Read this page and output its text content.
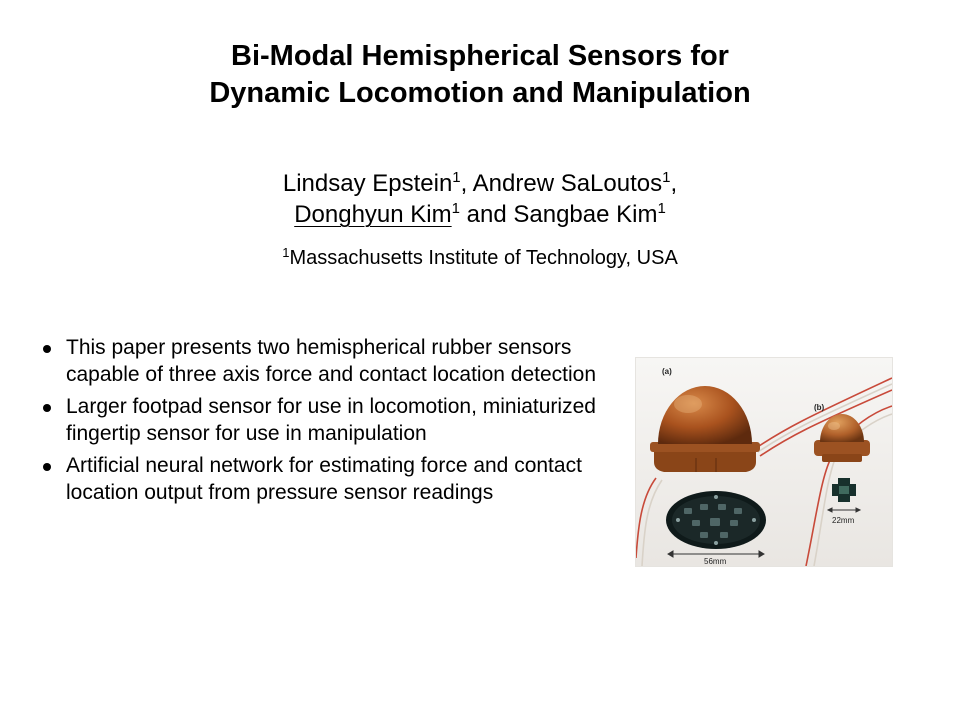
Bi-Modal Hemispherical Sensors for
Dynamic Locomotion and Manipulation
Lindsay Epstein$^1$, Andrew SaLoutos$^1$,
Donghyun Kim$^1$ and Sangbae Kim$^1$
$^1$Massachusetts Institute of Technology, USA
This paper presents two hemispherical rubber sensors capable of three axis force and contact location detection
Larger footpad sensor for use in locomotion, miniaturized fingertip sensor for use in manipulation
Artificial neural network for estimating force and contact location output from pressure sensor readings
(a)
(b)
56mm
22mm
